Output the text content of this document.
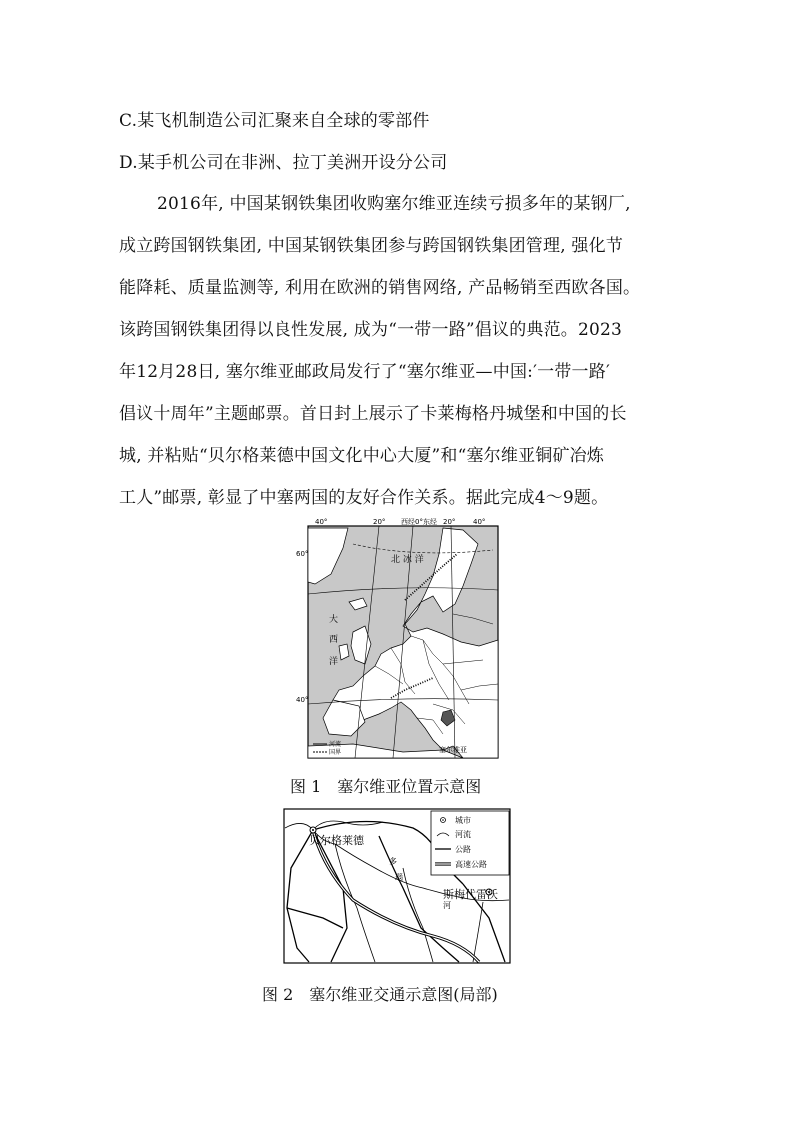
C.某飞机制造公司汇聚来自全球的零部件
D.某手机公司在非洲、拉丁美洲开设分公司
2016年, 中国某钢铁集团收购塞尔维亚连续亏损多年的某钢厂,
成立跨国钢铁集团, 中国某钢铁集团参与跨国钢铁集团管理, 强化节
能降耗、质量监测等, 利用在欧洲的销售网络, 产品畅销至西欧各国。
该跨国钢铁集团得以良性发展, 成为“一带一路”倡议的典范。2023
年12月28日, 塞尔维亚邮政局发行了“塞尔维亚—中国:′一带一路′
倡议十周年”主题邮票。首日封上展示了卡莱梅格丹城堡和中国的长
城, 并粘贴“贝尔格莱德中国文化中心大厦”和“塞尔维亚铜矿冶炼
工人”邮票, 彰显了中塞两国的友好合作关系。据此完成4～9题。
40°	20° 西经0°东经 20°	40°
60°
40°
北 冰 洋
大
西
洋
塞尔维亚
河流
国界
图 1　塞尔维亚位置示意图
贝尔格莱德
斯梅代雷沃
多
瑙
河
城市
河流
公路
高速公路
图 2　塞尔维亚交通示意图(局部)
